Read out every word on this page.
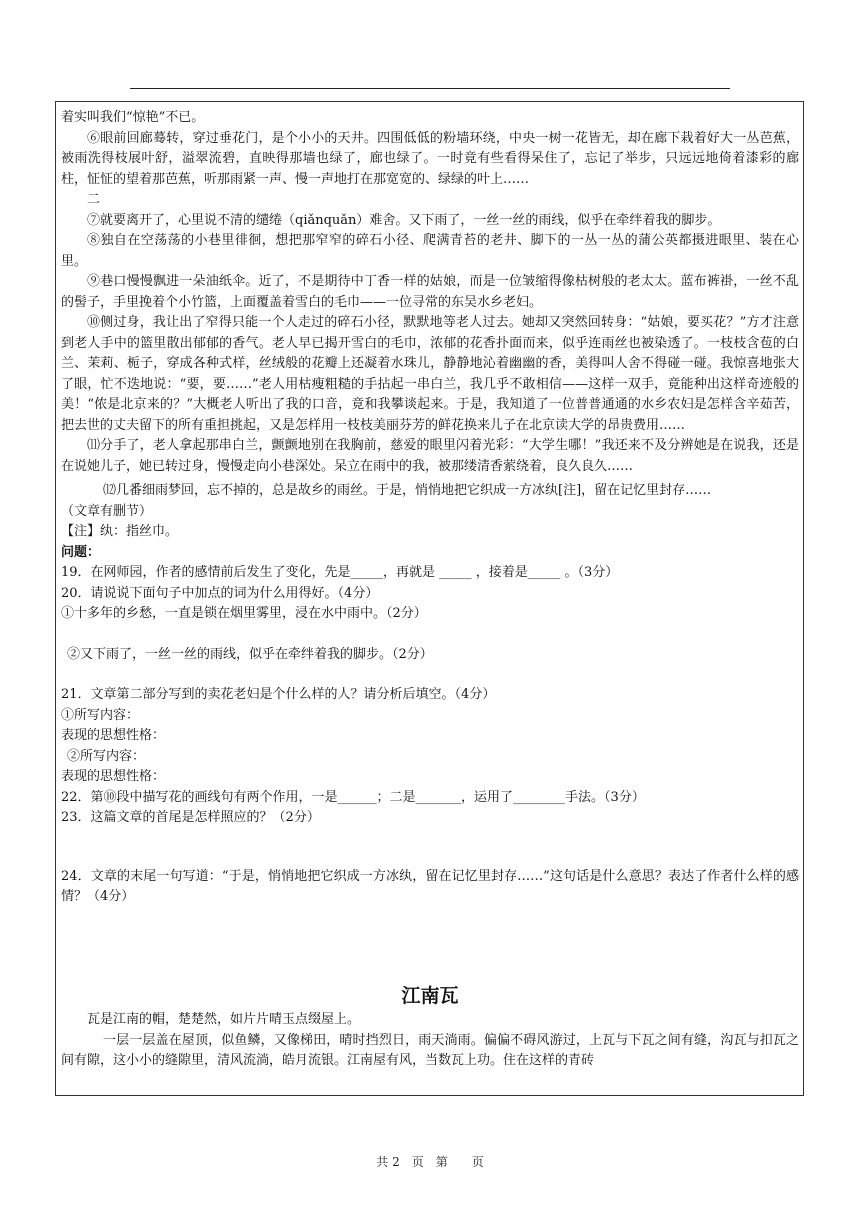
着实叫我们“惊艳”不已。

⑥眼前回廊蓦转，穿过垂花门，是个小小的天井。四围低低的粉墙环绕，中央一树一花皆无，却在廊下栽着好大一丛芭蕉，被雨洗得枝展叶舒，溢翠流碧，直映得那墙也绿了，廊也绿了。一时竟有些看得呆住了，忘记了举步，只远远地倚着漆彩的廊柱，怔怔的望着那芭蕉，听那雨紧一声、慢一声地打在那宽宽的、绿绿的叶上……

二

⑦就要离开了，心里说不清的缱绻（qiǎnquǎn）难舍。又下雨了，一丝一丝的雨线，似乎在牵绊着我的脚步。

⑧独自在空荡荡的小巷里徘徊，想把那窄窄的碎石小径、爬满青苔的老井、脚下的一丛一丛的蒲公英都摄进眼里、装在心里。

⑨巷口慢慢飘进一朵油纸伞。近了，不是期待中丁香一样的姑娘，而是一位皱缩得像枯树般的老太太。蓝布裤褂，一丝不乱的髻子，手里挽着个小竹篮，上面覆盖着雪白的毛巾——一位寻常的东吴水乡老妇。

⑩侧过身，我让出了窄得只能一个人走过的碎石小径，默默地等老人过去。她却又突然回转身：“姑娘，要买花？”方才注意到老人手中的篮里散出郁郁的香气。老人早已揭开雪白的毛巾，浓郁的花香扑面而来，似乎连雨丝也被染透了。一枝枝含苞的白兰、茉莉、栀子，穿成各种式样，丝绒般的花瓣上还凝着水珠儿，静静地沁着幽幽的香，美得叫人舍不得碰一碰。我惊喜地张大了眼，忙不迭地说：“要，要……”老人用枯瘦粗糙的手拈起一串白兰，我几乎不敢相信——这样一双手，竟能种出这样奇迹般的美！“侬是北京来的？”大概老人听出了我的口音，竟和我攀谈起来。于是，我知道了一位普普通通的水乡农妇是怎样含辛茹苦，把去世的丈夫留下的所有重担挑起，又是怎样用一枝枝美丽芬芳的鲜花换来儿子在北京读大学的昂贵费用……

⑾分手了，老人拿起那串白兰，颤颤地别在我胸前，慈爱的眼里闪着光彩：“大学生哪！”我还来不及分辨她是在说我，还是在说她儿子，她已转过身，慢慢走向小巷深处。呆立在雨中的我，被那缕清香萦绕着，良久良久……

⑿几番细雨梦回，忘不掉的，总是故乡的雨丝。于是，悄悄地把它织成一方冰纨[注]，留在记忆里封存……

（文章有删节）

【注】纨：指丝巾。

问题：

19．在网师园，作者的感情前后发生了变化，先是_____，再就是 _____ ，接着是_____ 。（3分）

20．请说说下面句子中加点的词为什么用得好。（4分）

①十多年的乡愁，一直是锁在烟里雾里，浸在水中雨中。（2分）

②又下雨了，一丝一丝的雨线，似乎在牵绊着我的脚步。（2分）

21．文章第二部分写到的卖花老妇是个什么样的人？请分析后填空。（4分）

①所写内容：

表现的思想性格：

②所写内容：

表现的思想性格：

22．第⑩段中描写花的画线句有两个作用，一是______；二是_______，运用了________手法。（3分）

23．这篇文章的首尾是怎样照应的？（2分）

24．文章的末尾一句写道：“于是，悄悄地把它织成一方冰纨，留在记忆里封存……”这句话是什么意思？表达了作者什么样的感情？（4分）

江南瓦

瓦是江南的帽，楚楚然，如片片晴玉点缀屋上。

一层一层盖在屋顶，似鱼鳞，又像梯田，晴时挡烈日，雨天淌雨。偏偏不碍风游过，上瓦与下瓦之间有缝，沟瓦与扣瓦之间有隙，这小小的缝隙里，清风流淌，皓月流银。江南屋有风，当数瓦上功。住在这样的青砖

共 2　页　第　　页
